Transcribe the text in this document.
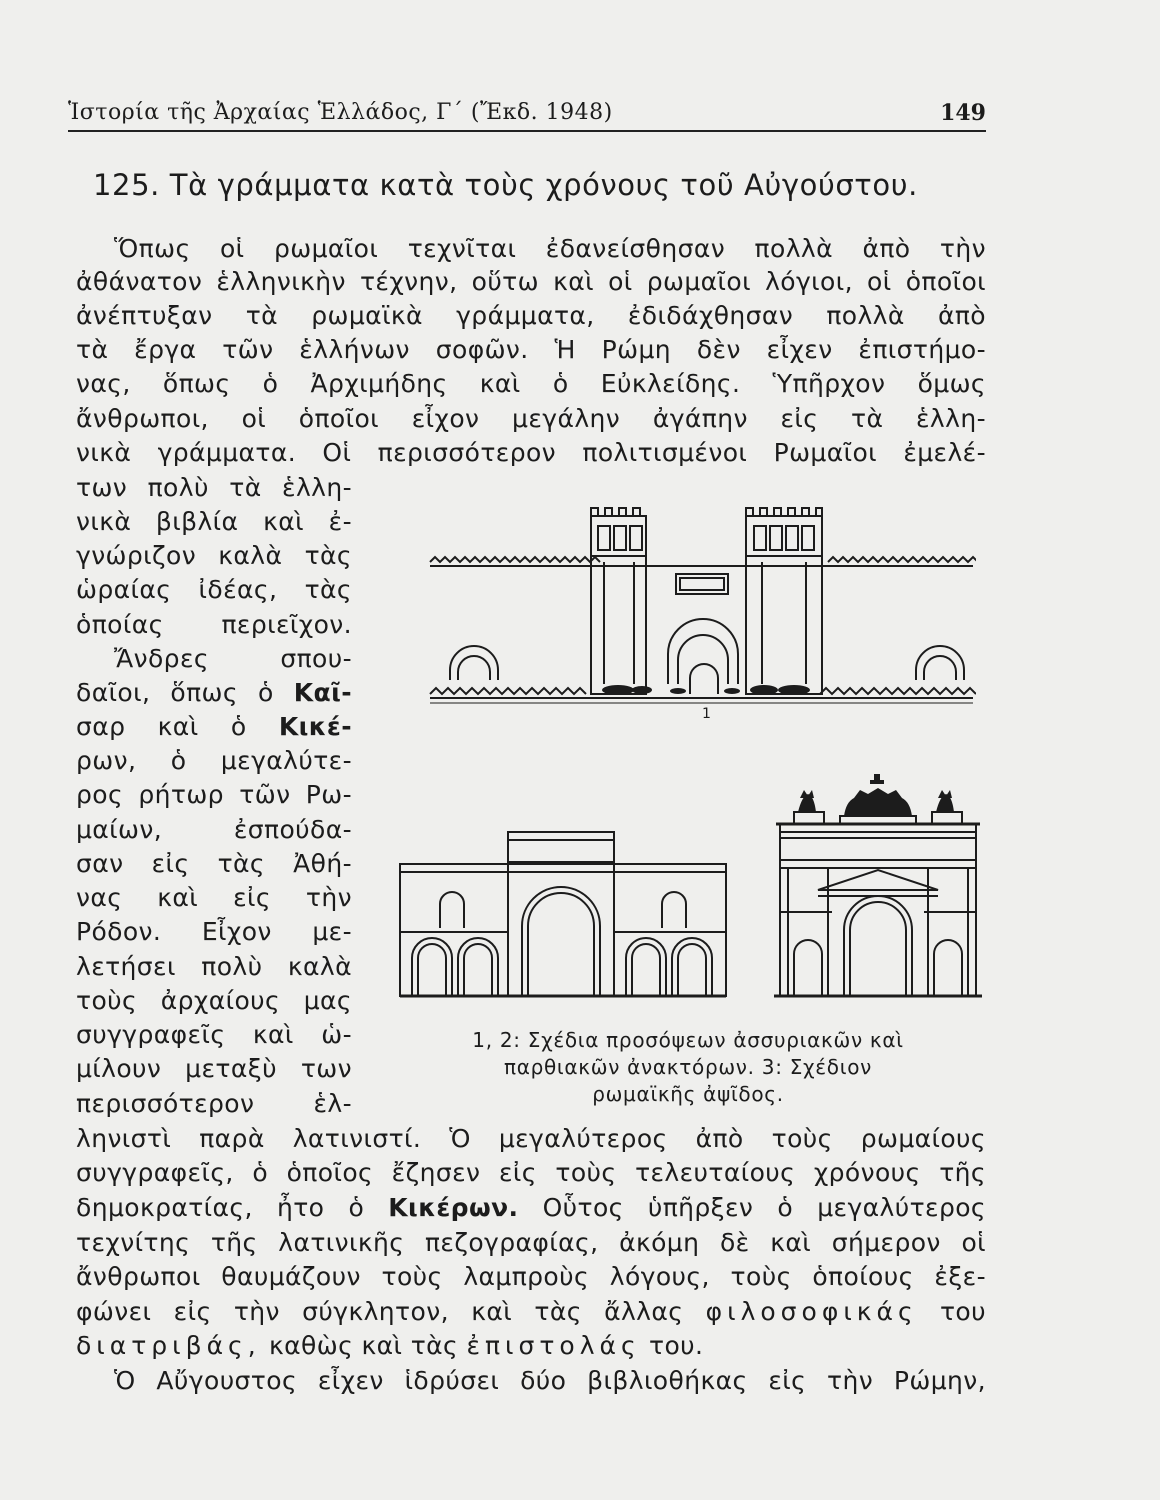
Ἱστορία τῆς Ἀρχαίας Ἑλλάδος, Γ΄ (Ἔκδ. 1948)	149
125. Τὰ γράμματα κατὰ τοὺς χρόνους τοῦ Αὐγούστου.
Ὅπως οἱ ρωμαῖοι τεχνῖται ἐδανείσθησαν πολλὰ ἀπὸ τὴν
ἀθάνατον ἑλληνικὴν τέχνην, οὕτω καὶ οἱ ρωμαῖοι λόγιοι, οἱ ὁποῖοι
ἀνέπτυξαν τὰ ρωμαϊκὰ γράμματα, ἐδιδάχθησαν πολλὰ ἀπὸ
τὰ ἔργα τῶν ἑλλήνων σοφῶν. Ἡ Ρώμη δὲν εἶχεν ἐπιστήμο-
νας, ὅπως ὁ Ἀρχιμήδης καὶ ὁ Εὐκλείδης. Ὑπῆρχον ὅμως
ἄνθρωποι, οἱ ὁποῖοι εἶχον μεγάλην ἀγάπην εἰς τὰ ἑλλη-
νικὰ γράμματα. Οἱ περισσότερον πολιτισμένοι Ρωμαῖοι ἐμελέ-
των πολὺ τὰ ἑλλη-
νικὰ βιβλία καὶ ἐ-
γνώριζον καλὰ τὰς
ὡραίας ἰδέας, τὰς
ὁποίας περιεῖχον.
Ἄνδρες σπου-
δαῖοι, ὅπως ὁ Καῖ-
σαρ καὶ ὁ Κικέ-
ρων, ὁ μεγαλύτε-
ρος ρήτωρ τῶν Ρω-
μαίων, ἐσπούδα-
σαν εἰς τὰς Ἀθή-
νας καὶ εἰς τὴν
Ρόδον. Εἶχον με-
λετήσει πολὺ καλὰ
τοὺς ἀρχαίους μας
συγγραφεῖς καὶ ὡ-
μίλουν μεταξὺ των
περισσότερον ἑλ-
ληνιστὶ παρὰ λατινιστί. Ὁ μεγαλύτερος ἀπὸ τοὺς ρωμαίους
συγγραφεῖς, ὁ ὁποῖος ἔζησεν εἰς τοὺς τελευταίους χρόνους τῆς
δημοκρατίας, ἦτο ὁ Κικέρων. Οὗτος ὑπῆρξεν ὁ μεγαλύτερος
τεχνίτης τῆς λατινικῆς πεζογραφίας, ἀκόμη δὲ καὶ σήμερον οἱ
ἄνθρωποι θαυμάζουν τοὺς λαμπροὺς λόγους, τοὺς ὁποίους ἐξε-
φώνει εἰς τὴν σύγκλητον, καὶ τὰς ἄλλας φιλοσοφικάς του
διατριβάς, καθὼς καὶ τὰς ἐπιστολάς του.
Ὁ Αὔγουστος εἶχεν ἱδρύσει δύο βιβλιοθήκας εἰς τὴν Ρώμην,
1
1, 2: Σχέδια προσόψεων ἀσσυριακῶν καὶ
παρθιακῶν ἀνακτόρων. 3: Σχέδιον
ρωμαϊκῆς ἀψῖδος.
